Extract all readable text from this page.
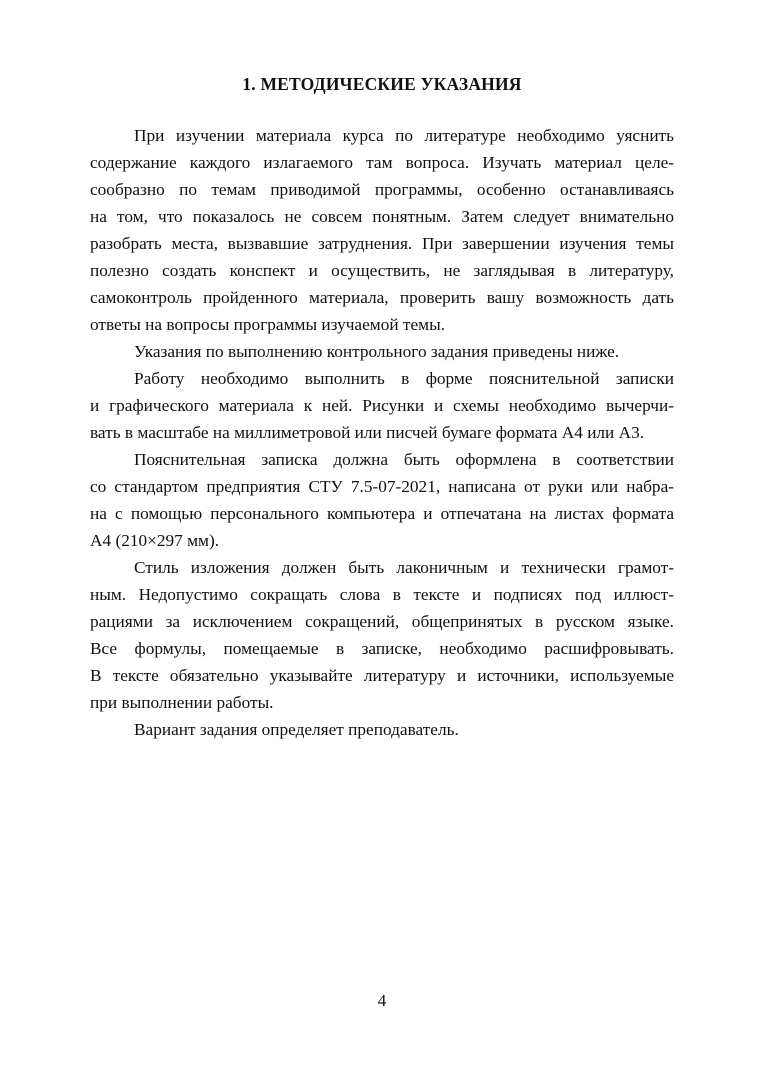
1. МЕТОДИЧЕСКИЕ УКАЗАНИЯ
При изучении материала курса по литературе необходимо уяснить
содержание каждого излагаемого там вопроса. Изучать материал целе-
сообразно по темам приводимой программы, особенно останавливаясь
на том, что показалось не совсем понятным. Затем следует внимательно
разобрать места, вызвавшие затруднения. При завершении изучения темы
полезно создать конспект и осуществить, не заглядывая в литературу,
самоконтроль пройденного материала, проверить вашу возможность дать
ответы на вопросы программы изучаемой темы.
Указания по выполнению контрольного задания приведены ниже.
Работу необходимо выполнить в форме пояснительной записки
и графического материала к ней. Рисунки и схемы необходимо вычерчи-
вать в масштабе на миллиметровой или писчей бумаге формата А4 или А3.
Пояснительная записка должна быть оформлена в соответствии
со стандартом предприятия СТУ 7.5-07-2021, написана от руки или набра-
на с помощью персонального компьютера и отпечатана на листах формата
А4 (210×297 мм).
Стиль изложения должен быть лаконичным и технически грамот-
ным. Недопустимо сокращать слова в тексте и подписях под иллюст-
рациями за исключением сокращений, общепринятых в русском языке.
Все формулы, помещаемые в записке, необходимо расшифровывать.
В тексте обязательно указывайте литературу и источники, используемые
при выполнении работы.
Вариант задания определяет преподаватель.
4
